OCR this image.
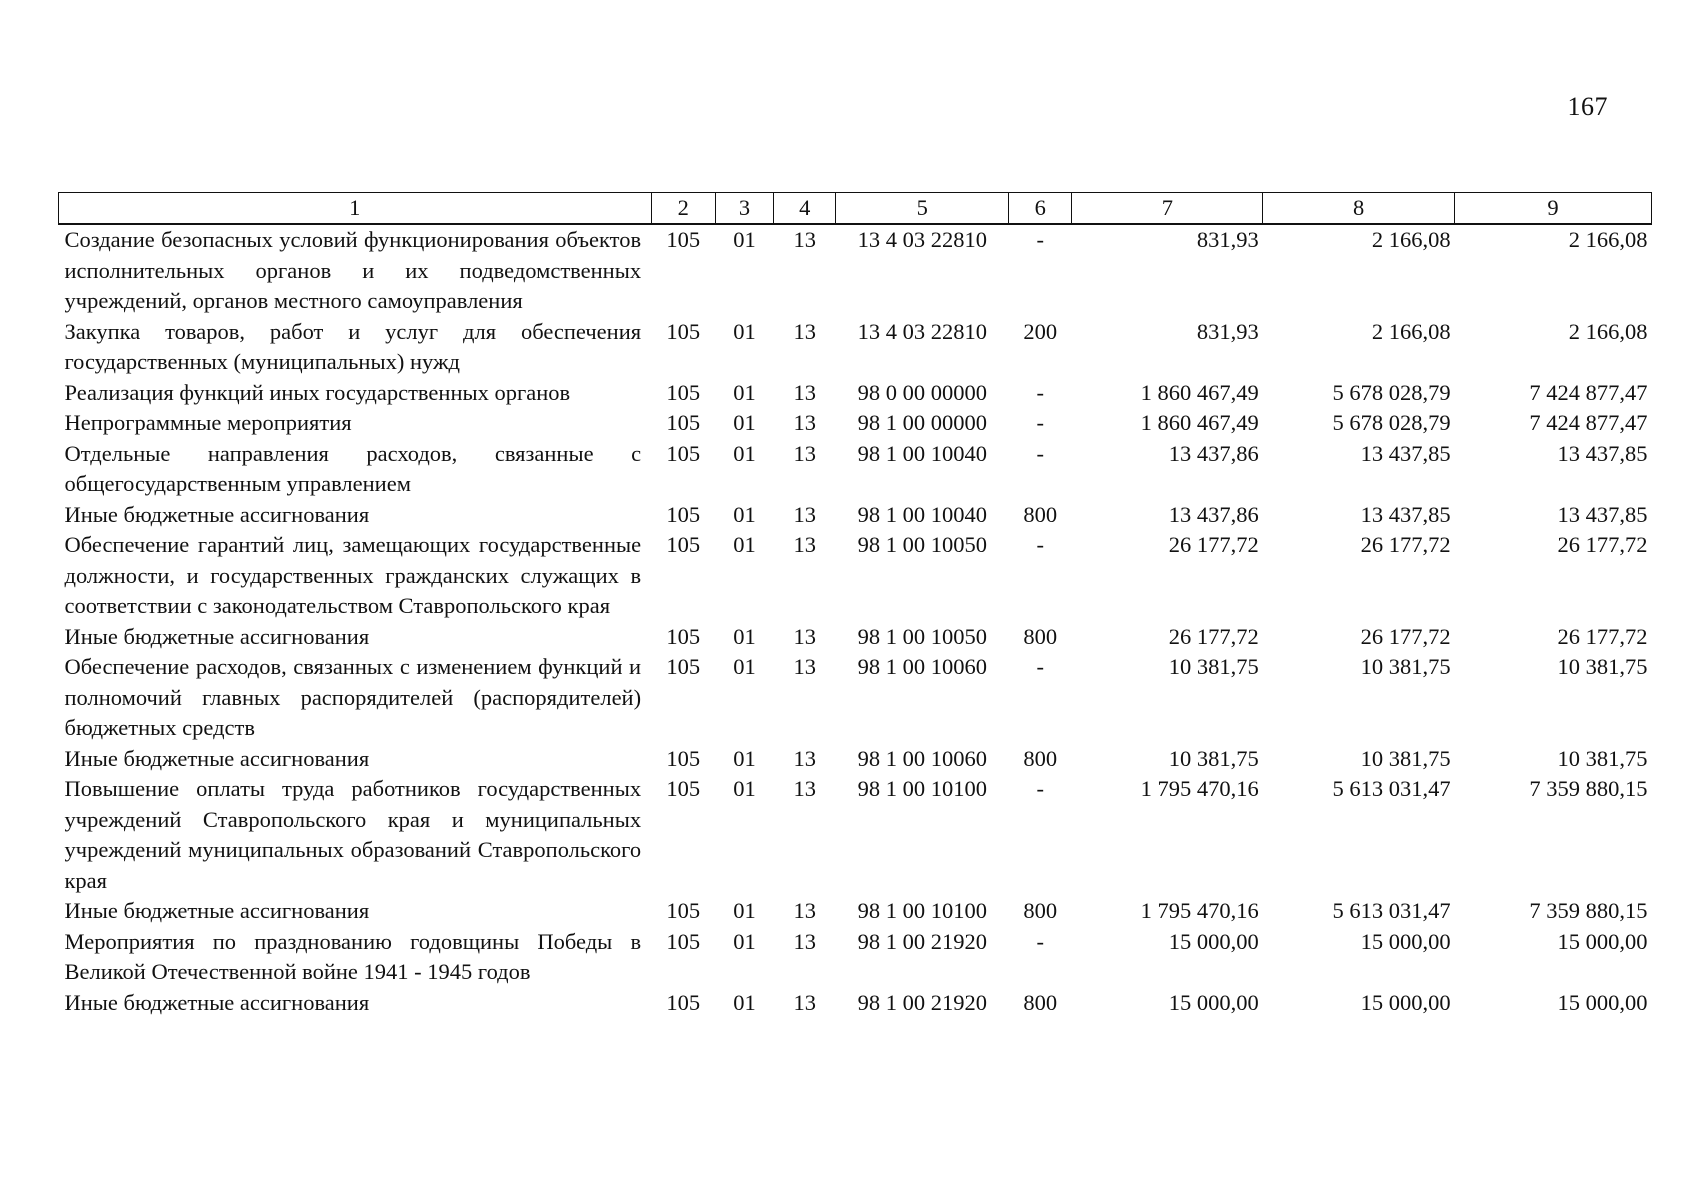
167
1	2	3	4	5	6	7	8	9
Создание безопасных условий функционирования объектов исполнительных органов и их подведомственных учреждений, органов местного самоуправления	105	01	13	13 4 03 22810	-	831,93	2 166,08	2 166,08
Закупка товаров, работ и услуг для обеспечения государственных (муниципальных) нужд	105	01	13	13 4 03 22810	200	831,93	2 166,08	2 166,08
Реализация функций иных государственных органов	105	01	13	98 0 00 00000	-	1 860 467,49	5 678 028,79	7 424 877,47
Непрограммные мероприятия	105	01	13	98 1 00 00000	-	1 860 467,49	5 678 028,79	7 424 877,47
Отдельные направления расходов, связанные с общегосударственным управлением	105	01	13	98 1 00 10040	-	13 437,86	13 437,85	13 437,85
Иные бюджетные ассигнования	105	01	13	98 1 00 10040	800	13 437,86	13 437,85	13 437,85
Обеспечение гарантий лиц, замещающих государственные должности, и государственных гражданских служащих в соответствии с законодательством Ставропольского края	105	01	13	98 1 00 10050	-	26 177,72	26 177,72	26 177,72
Иные бюджетные ассигнования	105	01	13	98 1 00 10050	800	26 177,72	26 177,72	26 177,72
Обеспечение расходов, связанных с изменением функций и полномочий главных распорядителей (распорядителей) бюджетных средств	105	01	13	98 1 00 10060	-	10 381,75	10 381,75	10 381,75
Иные бюджетные ассигнования	105	01	13	98 1 00 10060	800	10 381,75	10 381,75	10 381,75
Повышение оплаты труда работников государственных учреждений Ставропольского края и муниципальных учреждений муниципальных образований Ставропольского края	105	01	13	98 1 00 10100	-	1 795 470,16	5 613 031,47	7 359 880,15
Иные бюджетные ассигнования	105	01	13	98 1 00 10100	800	1 795 470,16	5 613 031,47	7 359 880,15
Мероприятия по празднованию годовщины Победы в Великой Отечественной войне 1941 - 1945 годов	105	01	13	98 1 00 21920	-	15 000,00	15 000,00	15 000,00
Иные бюджетные ассигнования	105	01	13	98 1 00 21920	800	15 000,00	15 000,00	15 000,00
